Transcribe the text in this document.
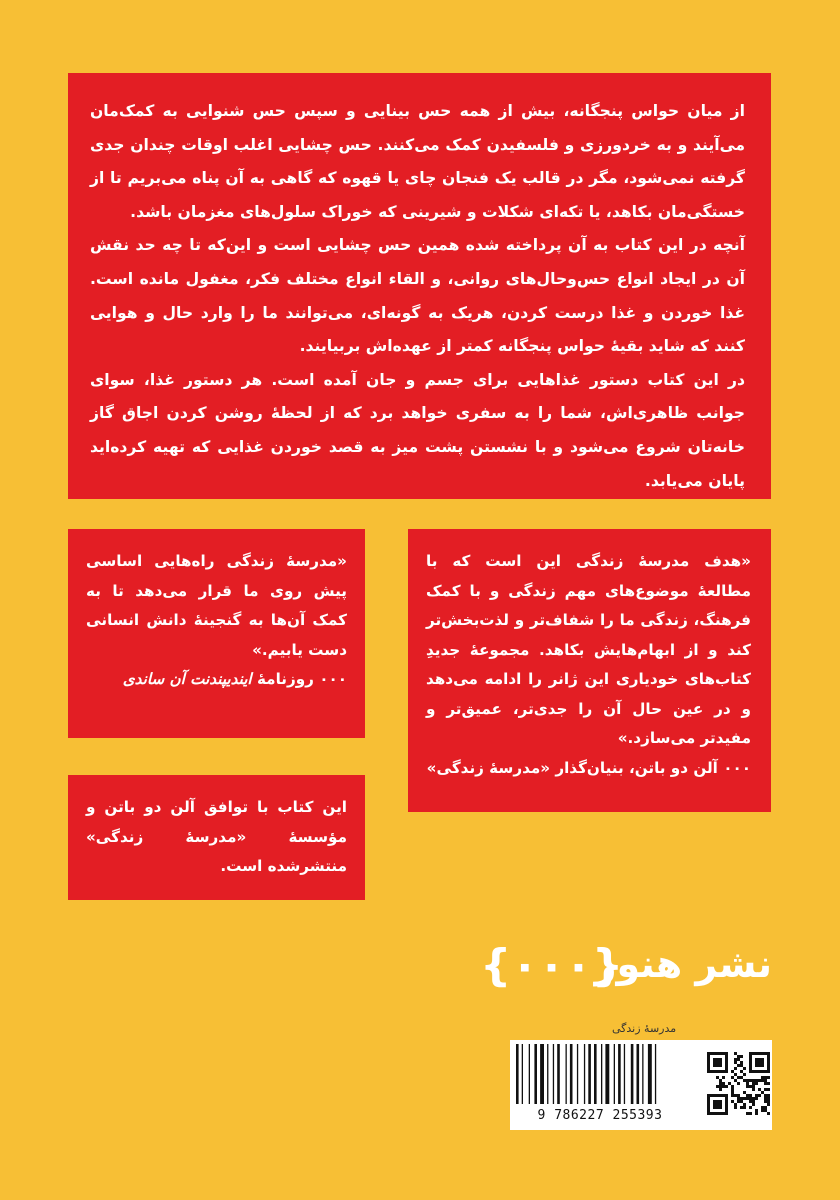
از میان حواس پنجگانه، بیش از همه حس بینایی و سپس حس شنوایی به کمک‌مان می‌آیند و به خردورزی و فلسفیدن کمک می‌کنند. حس چشایی اغلب اوقات چندان جدی گرفته نمی‌شود، مگر در قالب یک فنجان چای یا قهوه که گاهی به آن پناه می‌بریم تا از خستگی‌مان بکاهد، یا تکه‌ای شکلات و شیرینی که خوراک سلول‌های مغزمان باشد.

آنچه در این کتاب به آن پرداخته شده همین حس چشایی است و این‌که تا چه حد نقش آن در ایجاد انواع حس‌وحال‌های روانی، و القاء انواع مختلف فکر، مغفول مانده است. غذا خوردن و غذا درست کردن، هریک به گونه‌ای، می‌توانند ما را وارد حال و هوایی کنند که شاید بقیهٔ حواس پنجگانه کمتر از عهده‌اش بربیایند.

در این کتاب دستور غذاهایی برای جسم و جان آمده است. هر دستور غذا، سوای جوانب ظاهری‌اش، شما را به سفری خواهد برد که از لحظهٔ روشن کردن اجاق گاز خانه‌تان شروع می‌شود و با نشستن پشت میز به قصد خوردن غذایی که تهیه کرده‌اید پایان می‌یابد.

«هدف مدرسهٔ زندگی این است که با مطالعهٔ موضوع‌های مهم زندگی و با کمک فرهنگ، زندگی ما را شفاف‌تر و لذت‌بخش‌تر کند و از ابهام‌هایش بکاهد. مجموعهٔ جدیدِ کتاب‌های خودیاری این ژانر را ادامه می‌دهد و در عین حال آن را جدی‌تر، عمیق‌تر و مفیدتر می‌سازد.»

۰۰۰ آلن دو باتن، بنیان‌گذار «مدرسهٔ زندگی»

«مدرسهٔ زندگی راه‌هایی اساسی پیش روی ما قرار می‌دهد تا به کمک آن‌ها به گنجینهٔ دانش انسانی دست یابیم.»

۰۰۰ روزنامهٔ ایندیپندنت آن ساندی

این کتاب با توافق آلن دو باتن و مؤسسهٔ «مدرسهٔ زندگی» منتشرشده است.

{۰۰۰}
نشر هنوز
مدرسهٔ زندگی
9 786227 255393
